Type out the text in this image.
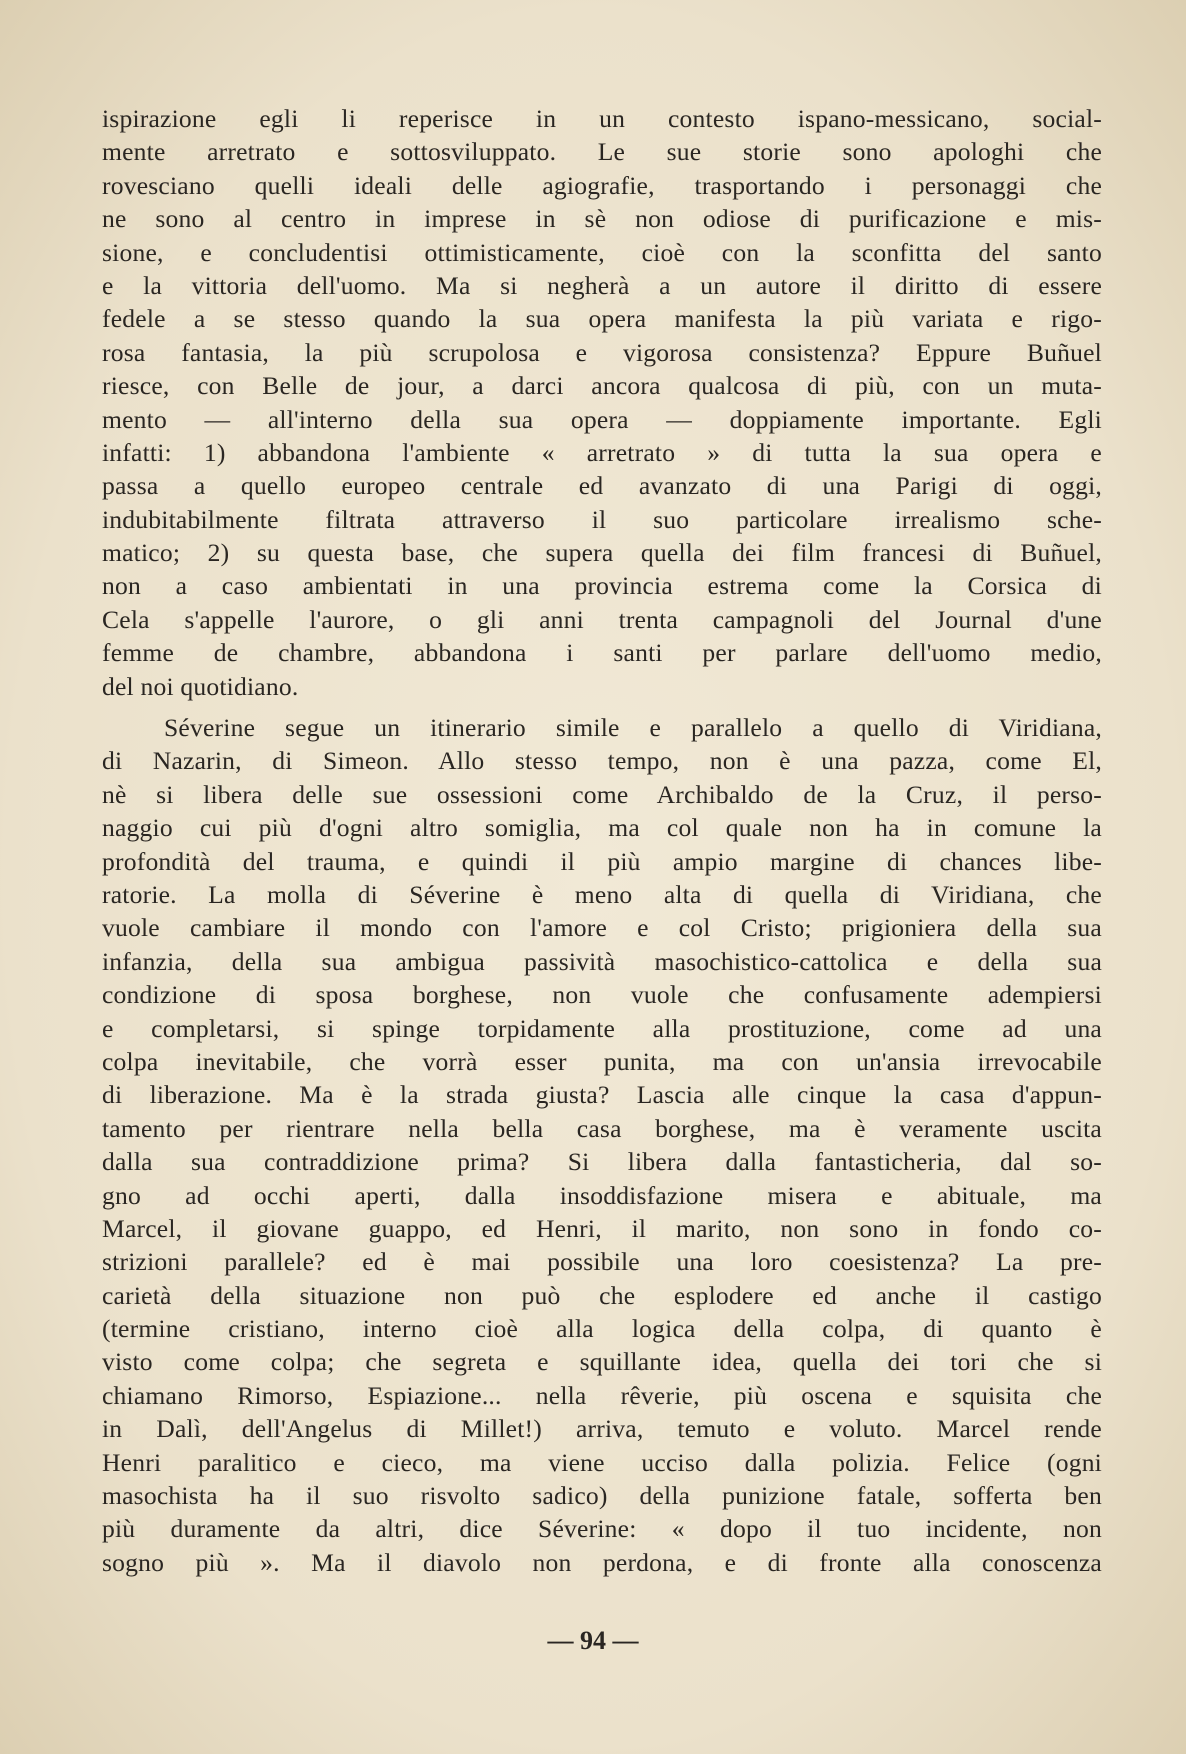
ispirazione egli li reperisce in un contesto ispano-messicano, social-
mente arretrato e sottosviluppato. Le sue storie sono apologhi che
rovesciano quelli ideali delle agiografie, trasportando i personaggi che
ne sono al centro in imprese in sè non odiose di purificazione e mis-
sione, e concludentisi ottimisticamente, cioè con la sconfitta del santo
e la vittoria dell'uomo. Ma si negherà a un autore il diritto di essere
fedele a se stesso quando la sua opera manifesta la più variata e rigo-
rosa fantasia, la più scrupolosa e vigorosa consistenza? Eppure Buñuel
riesce, con Belle de jour, a darci ancora qualcosa di più, con un muta-
mento — all'interno della sua opera — doppiamente importante. Egli
infatti: 1) abbandona l'ambiente « arretrato » di tutta la sua opera e
passa a quello europeo centrale ed avanzato di una Parigi di oggi,
indubitabilmente filtrata attraverso il suo particolare irrealismo sche-
matico; 2) su questa base, che supera quella dei film francesi di Buñuel,
non a caso ambientati in una provincia estrema come la Corsica di
Cela s'appelle l'aurore, o gli anni trenta campagnoli del Journal d'une
femme de chambre, abbandona i santi per parlare dell'uomo medio,
del noi quotidiano.
Séverine segue un itinerario simile e parallelo a quello di Viridiana,
di Nazarin, di Simeon. Allo stesso tempo, non è una pazza, come El,
nè si libera delle sue ossessioni come Archibaldo de la Cruz, il perso-
naggio cui più d'ogni altro somiglia, ma col quale non ha in comune la
profondità del trauma, e quindi il più ampio margine di chances libe-
ratorie. La molla di Séverine è meno alta di quella di Viridiana, che
vuole cambiare il mondo con l'amore e col Cristo; prigioniera della sua
infanzia, della sua ambigua passività masochistico-cattolica e della sua
condizione di sposa borghese, non vuole che confusamente adempiersi
e completarsi, si spinge torpidamente alla prostituzione, come ad una
colpa inevitabile, che vorrà esser punita, ma con un'ansia irrevocabile
di liberazione. Ma è la strada giusta? Lascia alle cinque la casa d'appun-
tamento per rientrare nella bella casa borghese, ma è veramente uscita
dalla sua contraddizione prima? Si libera dalla fantasticheria, dal so-
gno ad occhi aperti, dalla insoddisfazione misera e abituale, ma
Marcel, il giovane guappo, ed Henri, il marito, non sono in fondo co-
strizioni parallele? ed è mai possibile una loro coesistenza? La pre-
carietà della situazione non può che esplodere ed anche il castigo
(termine cristiano, interno cioè alla logica della colpa, di quanto è
visto come colpa; che segreta e squillante idea, quella dei tori che si
chiamano Rimorso, Espiazione... nella rêverie, più oscena e squisita che
in Dalì, dell'Angelus di Millet!) arriva, temuto e voluto. Marcel rende
Henri paralitico e cieco, ma viene ucciso dalla polizia. Felice (ogni
masochista ha il suo risvolto sadico) della punizione fatale, sofferta ben
più duramente da altri, dice Séverine: « dopo il tuo incidente, non
sogno più ». Ma il diavolo non perdona, e di fronte alla conoscenza
— 94 —
